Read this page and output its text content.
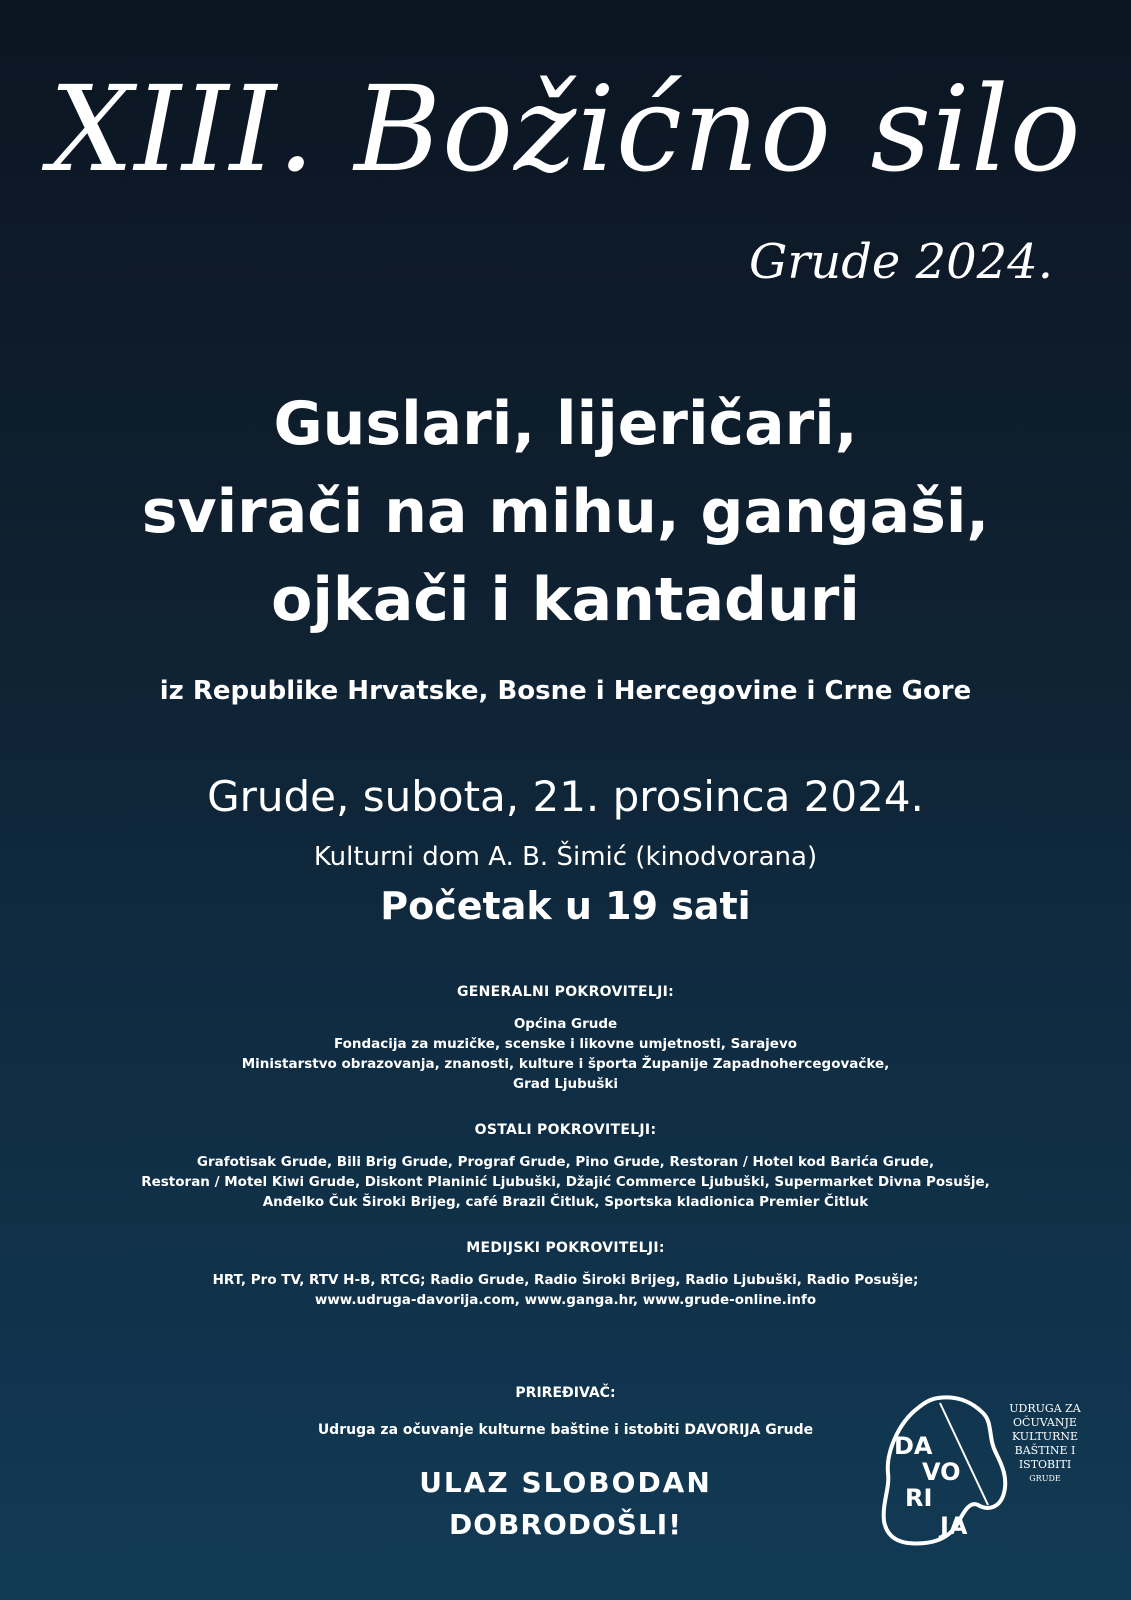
XIII. Božićno silo
Grude 2024.
Guslari, lijeričari,
svirači na mihu, gangaši,
ojkači i kantaduri
iz Republike Hrvatske, Bosne i Hercegovine i Crne Gore
Grude, subota, 21. prosinca 2024.
Kulturni dom A. B. Šimić (kinodvorana)
Početak u 19 sati
GENERALNI POKROVITELJI:
Općina Grude
Fondacija za muzičke, scenske i likovne umjetnosti, Sarajevo
Ministarstvo obrazovanja, znanosti, kulture i športa Županije Zapadnohercegovačke,
Grad Ljubuški
OSTALI POKROVITELJI:
Grafotisak Grude, Bili Brig Grude, Prograf Grude, Pino Grude, Restoran / Hotel kod Barića Grude,
Restoran / Motel Kiwi Grude, Diskont Planinić Ljubuški, Džajić Commerce Ljubuški, Supermarket Divna Posušje,
Anđelko Čuk Široki Brijeg, café Brazil Čitluk, Sportska kladionica Premier Čitluk
MEDIJSKI POKROVITELJI:
HRT, Pro TV, RTV H-B, RTCG; Radio Grude, Radio Široki Brijeg, Radio Ljubuški, Radio Posušje;
www.udruga-davorija.com, www.ganga.hr, www.grude-online.info
PRIREĐIVAČ:
Udruga za očuvanje kulturne baštine i istobiti DAVORIJA Grude
ULAZ SLOBODAN
DOBRODOŠLI!
DA
VO
RI
JA
UDRUGA ZA
OČUVANJE
KULTURNE
BAŠTINE I
ISTOBITI
GRUDE
